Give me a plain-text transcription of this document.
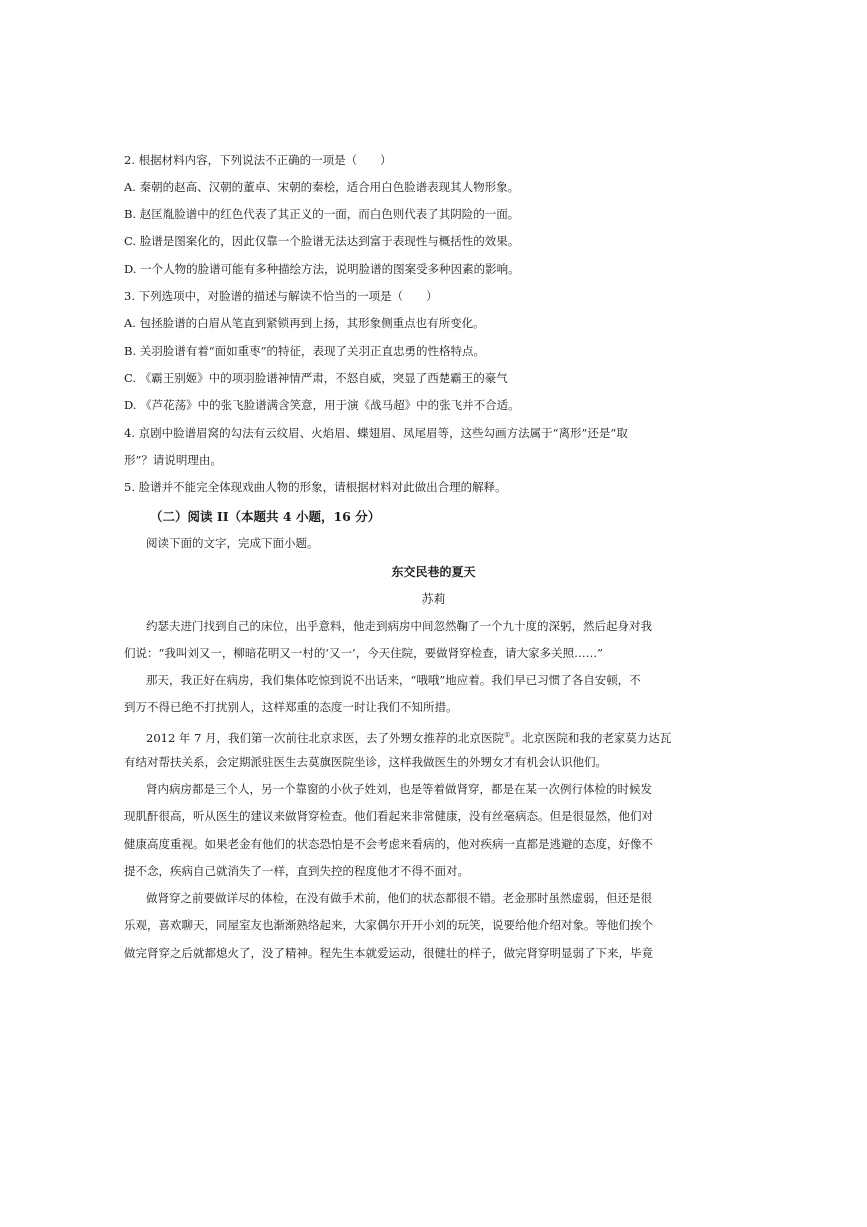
2. 根据材料内容，下列说法不正确的一项是（　　）
A. 秦朝的赵高、汉朝的董卓、宋朝的秦桧，适合用白色脸谱表现其人物形象。
B. 赵匡胤脸谱中的红色代表了其正义的一面，而白色则代表了其阴险的一面。
C. 脸谱是图案化的，因此仅靠一个脸谱无法达到富于表现性与概括性的效果。
D. 一个人物的脸谱可能有多种描绘方法，说明脸谱的图案受多种因素的影响。
3. 下列选项中，对脸谱的描述与解读不恰当的一项是（　　）
A. 包拯脸谱的白眉从笔直到紧锁再到上扬，其形象侧重点也有所变化。
B. 关羽脸谱有着“面如重枣”的特征，表现了关羽正直忠勇的性格特点。
C. 《霸王别姬》中的项羽脸谱神情严肃，不怒自威，突显了西楚霸王的豪气
D. 《芦花荡》中的张飞脸谱满含笑意，用于演《战马超》中的张飞并不合适。
4. 京剧中脸谱眉窝的勾法有云纹眉、火焰眉、蝶翅眉、凤尾眉等，这些勾画方法属于“离形”还是“取
形”？请说明理由。
5. 脸谱并不能完全体现戏曲人物的形象，请根据材料对此做出合理的解释。
（二）阅读 II（本题共 4 小题，16 分）
阅读下面的文字，完成下面小题。
东交民巷的夏天
苏莉
约瑟夫进门找到自己的床位，出乎意料，他走到病房中间忽然鞠了一个九十度的深躬，然后起身对我
们说：“我叫刘又一，柳暗花明又一村的‘又一’，今天住院，要做肾穿检查，请大家多关照……”
那天，我正好在病房，我们集体吃惊到说不出话来，“哦哦”地应着。我们早已习惯了各自安顿，不
到万不得已绝不打扰别人，这样郑重的态度一时让我们不知所措。
2012 年 7 月，我们第一次前往北京求医，去了外甥女推荐的北京医院①。北京医院和我的老家莫力达瓦
有结对帮扶关系，会定期派驻医生去莫旗医院坐诊，这样我做医生的外甥女才有机会认识他们。
肾内病房都是三个人，另一个靠窗的小伙子姓刘，也是等着做肾穿，都是在某一次例行体检的时候发
现肌酐很高，听从医生的建议来做肾穿检查。他们看起来非常健康，没有丝毫病态。但是很显然，他们对
健康高度重视。如果老金有他们的状态恐怕是不会考虑来看病的，他对疾病一直都是逃避的态度，好像不
提不念，疾病自己就消失了一样，直到失控的程度他才不得不面对。
做肾穿之前要做详尽的体检，在没有做手术前，他们的状态都很不错。老金那时虽然虚弱，但还是很
乐观，喜欢聊天，同屋室友也渐渐熟络起来，大家偶尔开开小刘的玩笑，说要给他介绍对象。等他们挨个
做完肾穿之后就都熄火了，没了精神。程先生本就爱运动，很健壮的样子，做完肾穿明显弱了下来，毕竟
